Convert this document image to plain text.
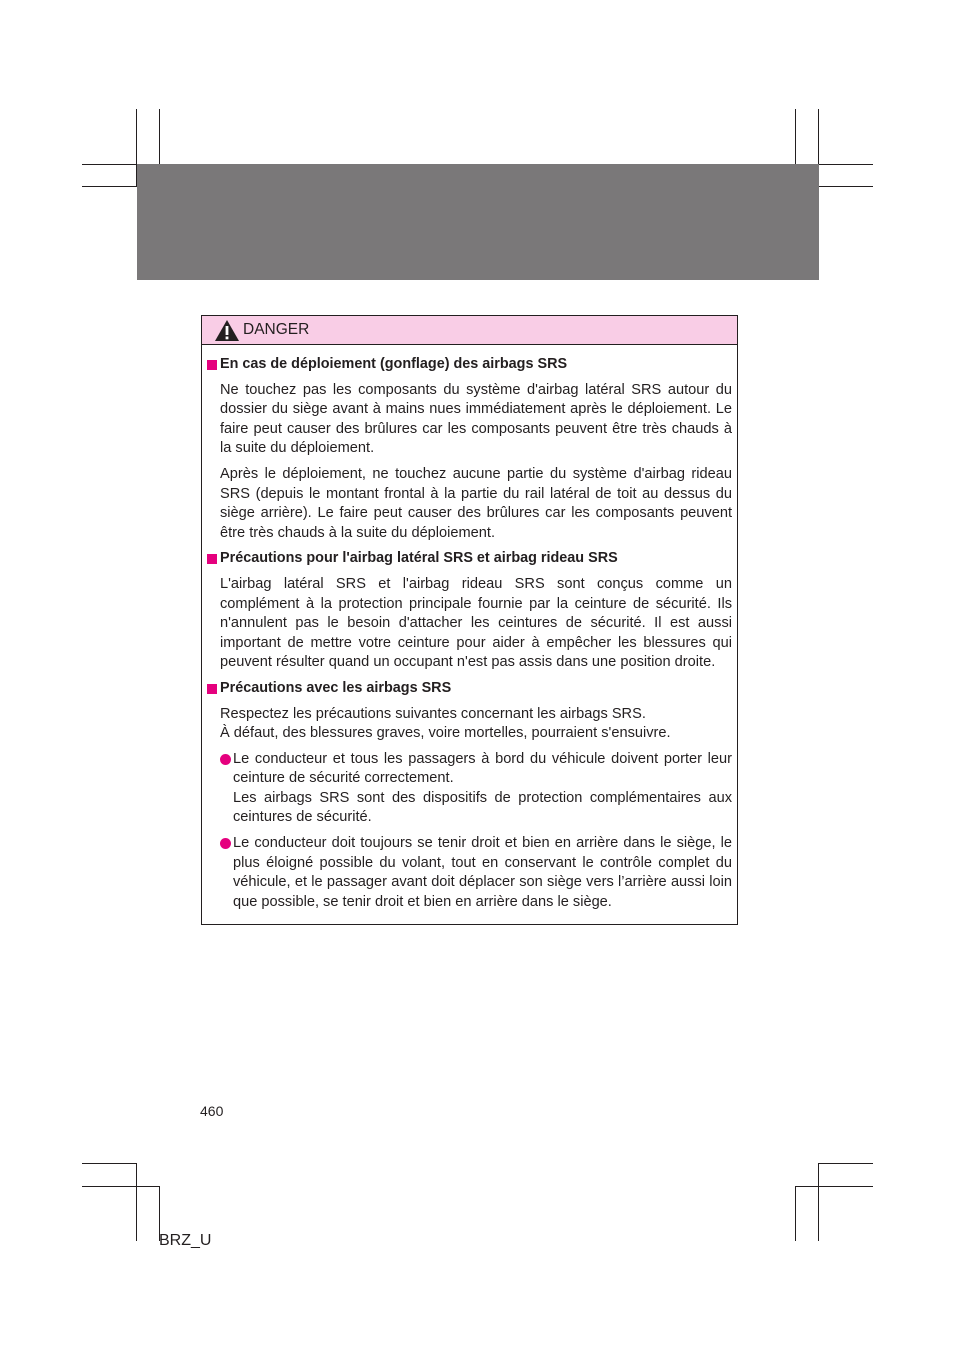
DANGER
En cas de déploiement (gonflage) des airbags SRS

Ne touchez pas les composants du système d'airbag latéral SRS autour du dossier du siège avant à mains nues immédiatement après le déploiement. Le faire peut causer des brûlures car les composants peuvent être très chauds à la suite du déploiement.

Après le déploiement, ne touchez aucune partie du système d'airbag rideau SRS (depuis le montant frontal à la partie du rail latéral de toit au dessus du siège arrière). Le faire peut causer des brûlures car les composants peuvent être très chauds à la suite du déploiement.

Précautions pour l'airbag latéral SRS et airbag rideau SRS

L'airbag latéral SRS et l'airbag rideau SRS sont conçus comme un complément à la protection principale fournie par la ceinture de sécurité. Ils n'annulent pas le besoin d'attacher les ceintures de sécurité. Il est aussi important de mettre votre ceinture pour aider à empêcher les blessures qui peuvent résulter quand un occupant n'est pas assis dans une position droite.

Précautions avec les airbags SRS
Respectez les précautions suivantes concernant les airbags SRS.
À défaut, des blessures graves, voire mortelles, pourraient s'ensuivre.
Le conducteur et tous les passagers à bord du véhicule doivent porter leur ceinture de sécurité correctement.
Les airbags SRS sont des dispositifs de protection complémentaires aux ceintures de sécurité.
Le conducteur doit toujours se tenir droit et bien en arrière dans le siège, le plus éloigné possible du volant, tout en conservant le contrôle complet du véhicule, et le passager avant doit déplacer son siège vers l’arrière aussi loin que possible, se tenir droit et bien en arrière dans le siège.
460
BRZ_U
